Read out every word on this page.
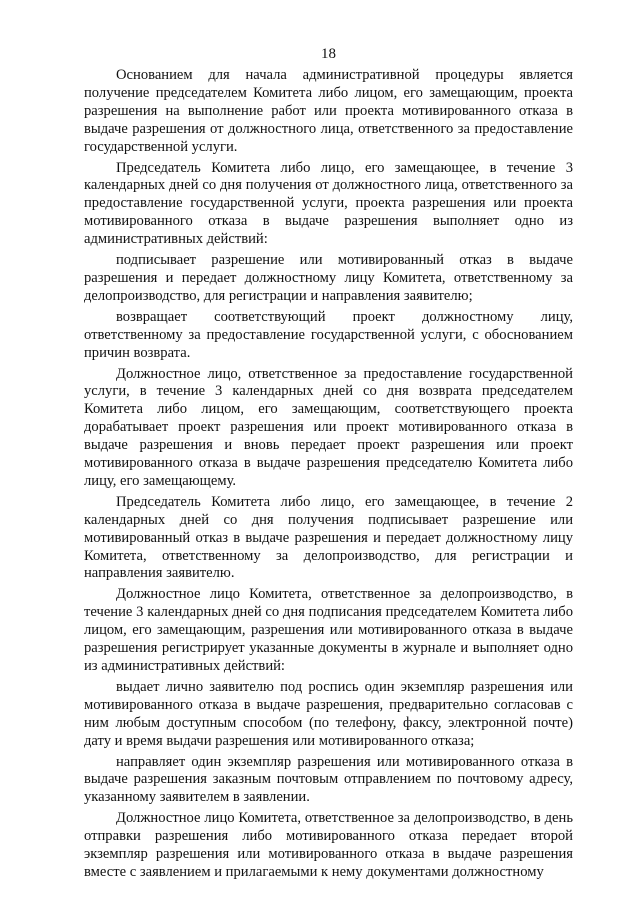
18

Основанием для начала административной процедуры является получение председателем Комитета либо лицом, его замещающим, проекта разрешения на выполнение работ или проекта мотивированного отказа в выдаче разрешения от должностного лица, ответственного за предоставление государственной услуги.

Председатель Комитета либо лицо, его замещающее, в течение 3 календарных дней со дня получения от должностного лица, ответственного за предоставление государственной услуги, проекта разрешения или проекта мотивированного отказа в выдаче разрешения выполняет одно из административных действий:

подписывает разрешение или мотивированный отказ в выдаче разрешения и передает должностному лицу Комитета, ответственному за делопроизводство, для регистрации и направления заявителю;

возвращает соответствующий проект должностному лицу, ответственному за предоставление государственной услуги, с обоснованием причин возврата.

Должностное лицо, ответственное за предоставление государственной услуги, в течение 3 календарных дней со дня возврата председателем Комитета либо лицом, его замещающим, соответствующего проекта дорабатывает проект разрешения или проект мотивированного отказа в выдаче разрешения и вновь передает проект разрешения или проект мотивированного отказа в выдаче разрешения председателю Комитета либо лицу, его замещающему.

Председатель Комитета либо лицо, его замещающее, в течение 2 календарных дней со дня получения подписывает разрешение или мотивированный отказ в выдаче разрешения и передает должностному лицу Комитета, ответственному за делопроизводство, для регистрации и направления заявителю.

Должностное лицо Комитета, ответственное за делопроизводство, в течение 3 календарных дней со дня подписания председателем Комитета либо лицом, его замещающим, разрешения или мотивированного отказа в выдаче разрешения регистрирует указанные документы в журнале и выполняет одно из административных действий:

выдает лично заявителю под роспись один экземпляр разрешения или мотивированного отказа в выдаче разрешения, предварительно согласовав с ним любым доступным способом (по телефону, факсу, электронной почте) дату и время выдачи разрешения или мотивированного отказа;

направляет один экземпляр разрешения или мотивированного отказа в выдаче разрешения заказным почтовым отправлением по почтовому адресу, указанному заявителем в заявлении.

Должностное лицо Комитета, ответственное за делопроизводство, в день отправки разрешения либо мотивированного отказа передает второй экземпляр разрешения или мотивированного отказа в выдаче разрешения вместе с заявлением и прилагаемыми к нему документами должностному
